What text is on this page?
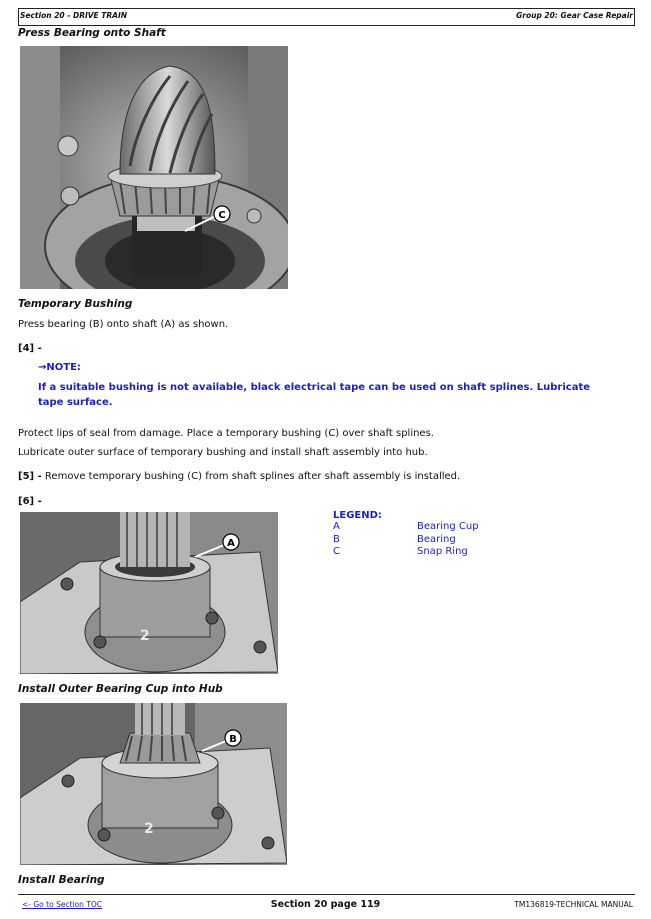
Section 20 - DRIVE TRAIN	Group 20: Gear Case Repair
Press Bearing onto Shaft
C
Temporary Bushing
Press bearing (B) onto shaft (A) as shown.
[4] -
→NOTE:
If a suitable bushing is not available, black electrical tape can be used on shaft splines. Lubricate tape surface.
Protect lips of seal from damage. Place a temporary bushing (C) over shaft splines.
Lubricate outer surface of temporary bushing and install shaft assembly into hub.
[5] - Remove temporary bushing (C) from shaft splines after shaft assembly is installed.
[6] -
2
A
LEGEND:
A	Bearing Cup
B	Bearing
C	Snap Ring
Install Outer Bearing Cup into Hub
2
B
Install Bearing
<- Go to Section TOC	Section 20 page 119	TM136819-TECHNICAL MANUAL
